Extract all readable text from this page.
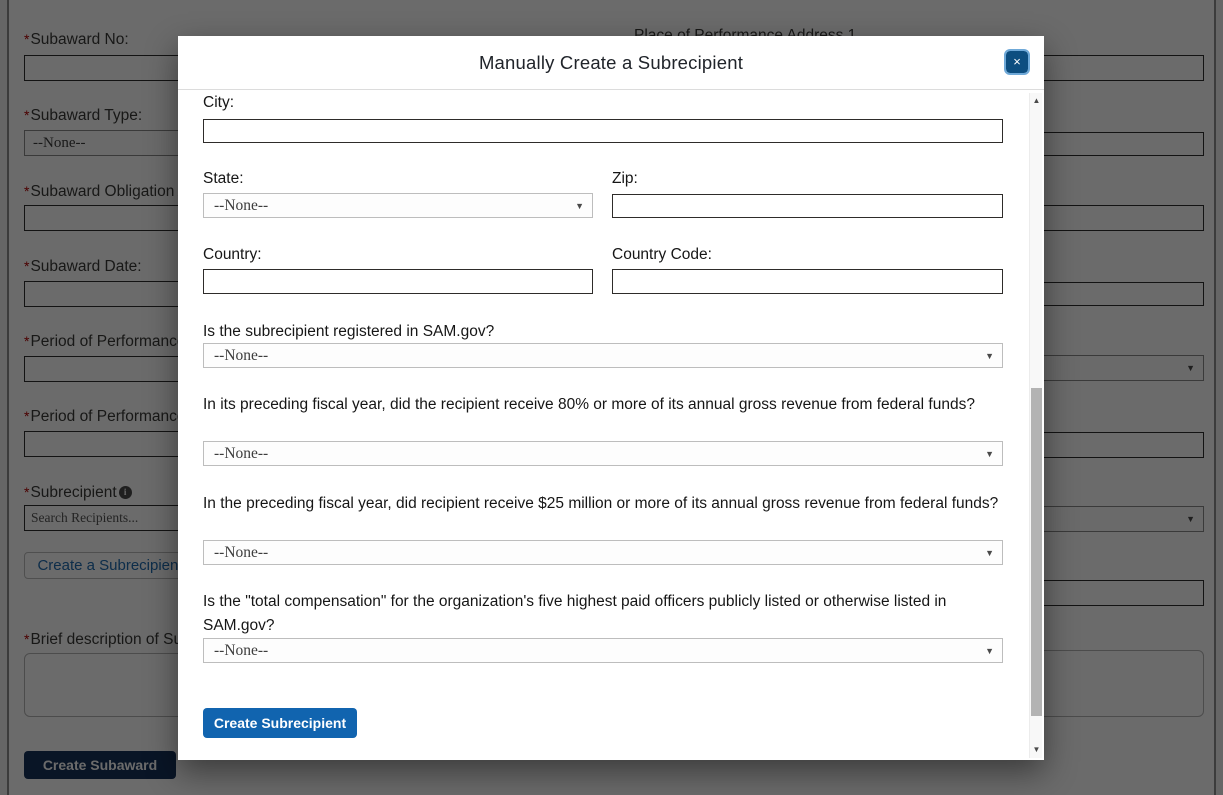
Search Recipients...
Manually Create a Subrecipient	×
City:
State:
--None--	▼
Zip:
Country:	Country Code:
Is the subrecipient registered in SAM.gov?
--None--	▼
In its preceding fiscal year, did the recipient receive 80% or more of its annual gross revenue from federal funds?
--None--	▼
In the preceding fiscal year, did recipient receive $25 million or more of its annual gross revenue from federal funds?
--None--	▼
Is the "total compensation" for the organization's five highest paid officers publicly listed or otherwise listed in SAM.gov?
--None--	▼
Create Subrecipient
▲
▼
